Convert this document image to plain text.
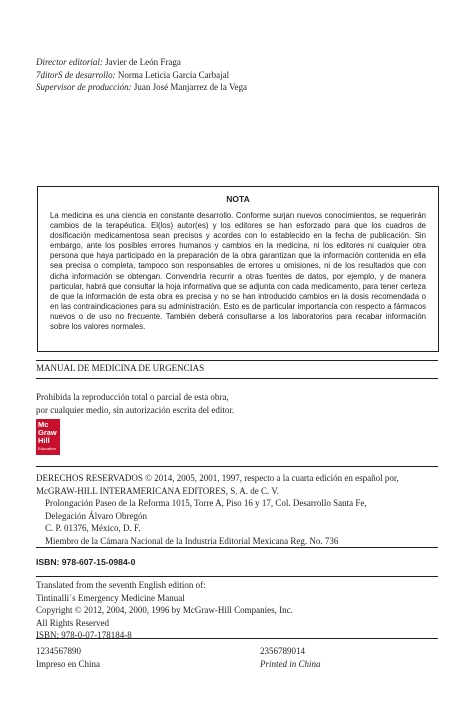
Director editorial: Javier de León Fraga
7ditorS de desarrollo: Norma Leticia García Carbajal
Supervisor de producción: Juan José Manjarrez de la Vega
NOTA

La medicina es una ciencia en constante desarrollo. Conforme surjan nuevos conocimientos, se requerirán cambios de la terapéutica. El(los) autor(es) y los editores se han esforzado para que los cuadros de dosificación medicamentosa sean precisos y acordes con lo establecido en la fecha de publicación. Sin embargo, ante los posibles errores humanos y cambios en la medicina, ni los editores ni cualquier otra persona que haya participado en la preparación de la obra garantizan que la información contenida en ella sea precisa o completa, tampoco son responsables de errores u omisiones, ni de los resultados que con dicha información se obtengan. Convendría recurrir a otras fuentes de datos, por ejemplo, y de manera particular, habrá que consultar la hoja informativa que se adjunta con cada medicamento, para tener certeza de que la información de esta obra es precisa y no se han introducido cambios en la dosis recomendada o en las contraindicaciones para su administración. Esto es de particular importancia con respecto a fármacos nuevos o de uso no frecuente. También deberá consultarse a los laboratorios para recabar información sobre los valores normales.

MANUAL DE MEDICINA DE URGENCIAS
Prohibida la reproducción total o parcial de esta obra,
por cualquier medio, sin autorización escrita del editor.
Mc
Graw
Hill
Education
DERECHOS RESERVADOS © 2014, 2005, 2001, 1997, respecto a la cuarta edición en español por,
McGRAW-HILL INTERAMERICANA EDITORES, S. A. de C. V.
Prolongación Paseo de la Reforma 1015, Torre A, Piso 16 y 17, Col. Desarrollo Santa Fe,
Delegación Álvaro Obregón
C. P. 01376, México, D. F.
Miembro de la Cámara Nacional de la Industria Editorial Mexicana Reg. No. 736
ISBN: 978-607-15-0984-0
Translated from the seventh English edition of:
Tintinalli´s Emergency Medicine Manual
Copyright © 2012, 2004, 2000, 1996 by McGraw-Hill Companies, Inc.
All Rights Reserved
ISBN: 978-0-07-178184-8
1234567890
Impreso en China
2356789014
Printed in China
